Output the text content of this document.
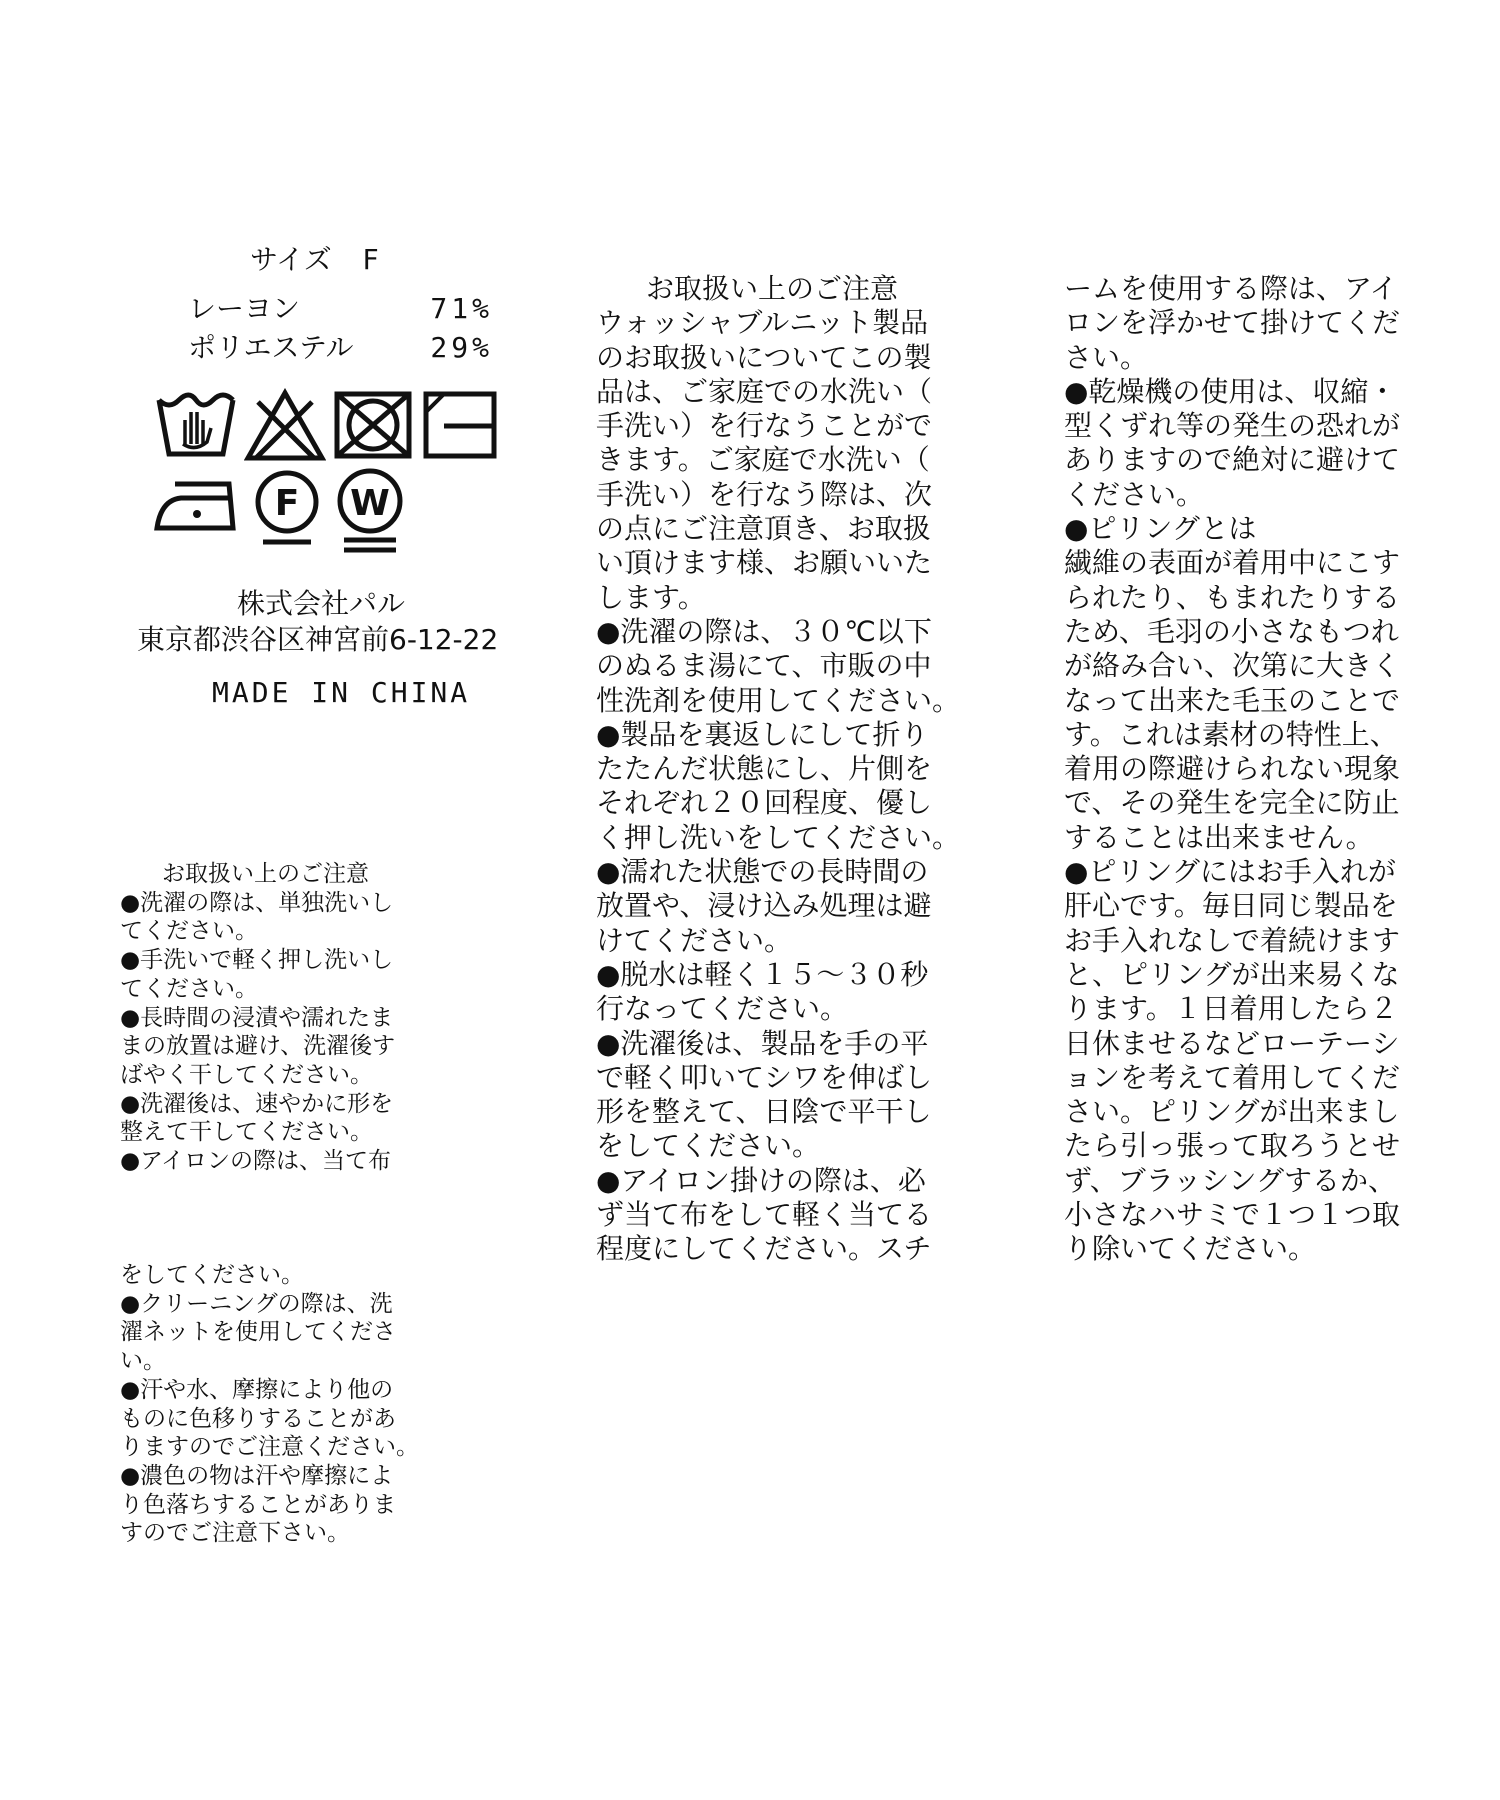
サイズ F
レーヨン	71%
ポリエステル	29%
F W
株式会社パル
東京都渋谷区神宮前6-12-22
MADE IN CHINA
お取扱い上のご注意
●洗濯の際は、単独洗いし
てください。
●手洗いで軽く押し洗いし
てください。
●長時間の浸漬や濡れたま
まの放置は避け、洗濯後す
ばやく干してください。
●洗濯後は、速やかに形を
整えて干してください。
●アイロンの際は、当て布
をしてください。
●クリーニングの際は、洗
濯ネットを使用してくださ
い。
●汗や水、摩擦により他の
ものに色移りすることがあ
りますのでご注意ください。
●濃色の物は汗や摩擦によ
り色落ちすることがありま
すのでご注意下さい。
お取扱い上のご注意
ウォッシャブルニット製品
のお取扱いについてこの製
品は、ご家庭での水洗い（
手洗い）を行なうことがで
きます。ご家庭で水洗い（
手洗い）を行なう際は、次
の点にご注意頂き、お取扱
い頂けます様、お願いいた
します。
●洗濯の際は、３０℃以下
のぬるま湯にて、市販の中
性洗剤を使用してください。
●製品を裏返しにして折り
たたんだ状態にし、片側を
それぞれ２０回程度、優し
く押し洗いをしてください。
●濡れた状態での長時間の
放置や、浸け込み処理は避
けてください。
●脱水は軽く１５～３０秒
行なってください。
●洗濯後は、製品を手の平
で軽く叩いてシワを伸ばし
形を整えて、日陰で平干し
をしてください。
●アイロン掛けの際は、必
ず当て布をして軽く当てる
程度にしてください。スチ
ームを使用する際は、アイ
ロンを浮かせて掛けてくだ
さい。
●乾燥機の使用は、収縮・
型くずれ等の発生の恐れが
ありますので絶対に避けて
ください。
●ピリングとは
繊維の表面が着用中にこす
られたり、もまれたりする
ため、毛羽の小さなもつれ
が絡み合い、次第に大きく
なって出来た毛玉のことで
す。これは素材の特性上、
着用の際避けられない現象
で、その発生を完全に防止
することは出来ません。
●ピリングにはお手入れが
肝心です。毎日同じ製品を
お手入れなしで着続けます
と、ピリングが出来易くな
ります。１日着用したら２
日休ませるなどローテーシ
ョンを考えて着用してくだ
さい。ピリングが出来まし
たら引っ張って取ろうとせ
ず、ブラッシングするか、
小さなハサミで１つ１つ取
り除いてください。
